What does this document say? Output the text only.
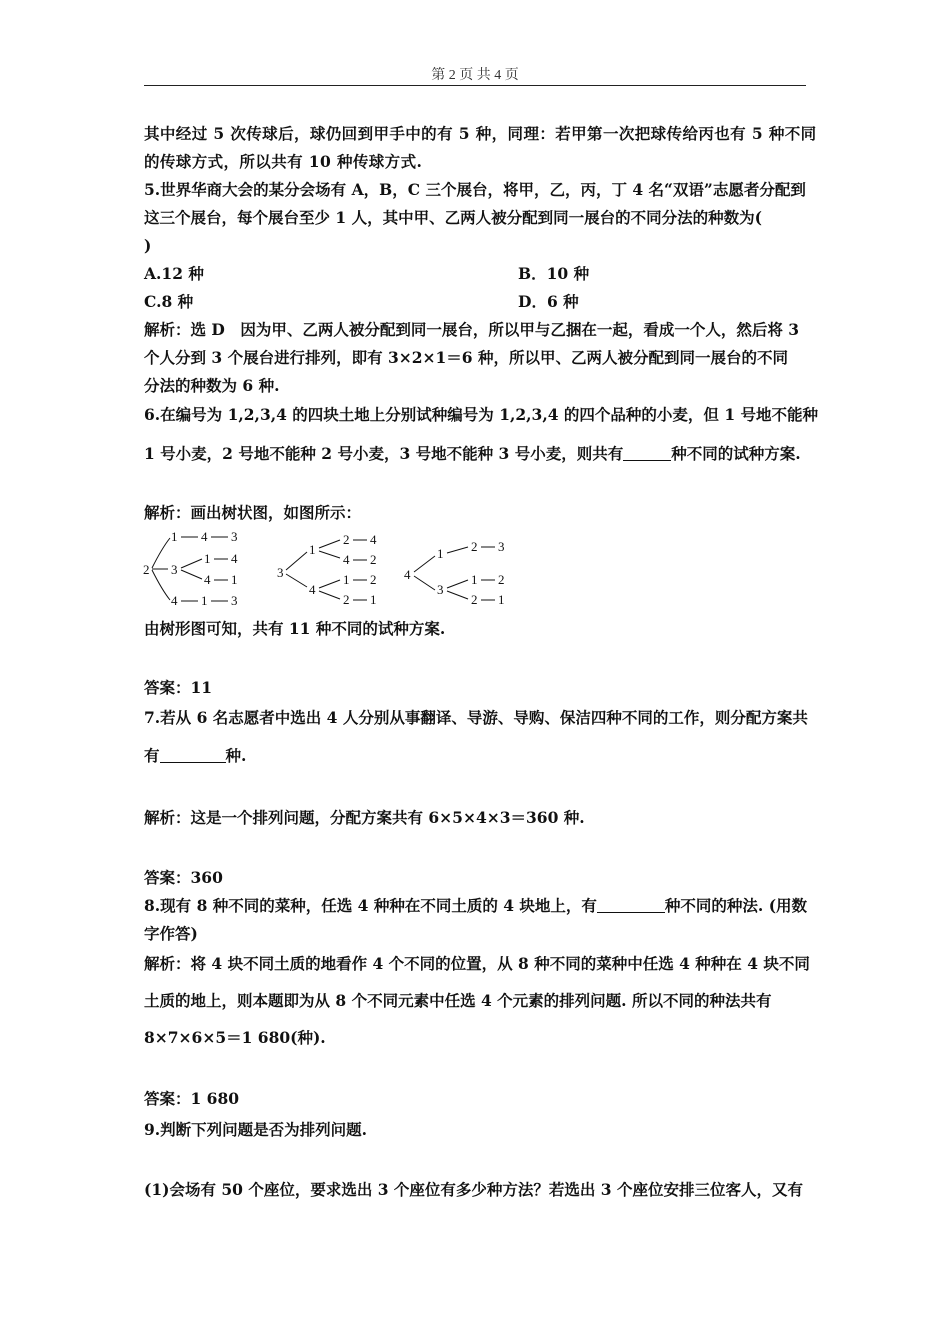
第 2 页 共 4 页
其中经过 5 次传球后，球仍回到甲手中的有 5 种，同理：若甲第一次把球传给丙也有 5 种不同
的传球方式，所以共有 10 种传球方式.
5.世界华商大会的某分会场有 A，B，C 三个展台，将甲，乙，丙，丁 4 名“双语”志愿者分配到
这三个展台，每个展台至少 1 人，其中甲、乙两人被分配到同一展台的不同分法的种数为(
)
A.12 种	B．10 种
C.8 种	D．6 种
解析：选 D　因为甲、乙两人被分配到同一展台，所以甲与乙捆在一起，看成一个人，然后将 3
个人分到 3 个展台进行排列，即有 3×2×1＝6 种，所以甲、乙两人被分配到同一展台的不同
分法的种数为 6 种.
6.在编号为 1,2,3,4 的四块土地上分别试种编号为 1,2,3,4 的四个品种的小麦，但 1 号地不能种
1 号小麦，2 号地不能种 2 号小麦，3 号地不能种 3 号小麦，则共有	种不同的试种方案.
解析：画出树状图，如图所示：
2
1 4 3
3
1 4
4 1
4 1 3
3
1
2 4
4 2
4
1 2
2 1
4
1 2 3
3
1 2
2 1
由树形图可知，共有 11 种不同的试种方案.
答案：11
7.若从 6 名志愿者中选出 4 人分别从事翻译、导游、导购、保洁四种不同的工作，则分配方案共
有	种.
解析：这是一个排列问题，分配方案共有 6×5×4×3＝360 种.
答案：360
8.现有 8 种不同的菜种，任选 4 种种在不同土质的 4 块地上，有	种不同的种法. (用数
字作答)
解析：将 4 块不同土质的地看作 4 个不同的位置，从 8 种不同的菜种中任选 4 种种在 4 块不同
土质的地上，则本题即为从 8 个不同元素中任选 4 个元素的排列问题. 所以不同的种法共有
8×7×6×5＝1 680(种).
答案：1 680
9.判断下列问题是否为排列问题.
(1)会场有 50 个座位，要求选出 3 个座位有多少种方法？若选出 3 个座位安排三位客人，又有
